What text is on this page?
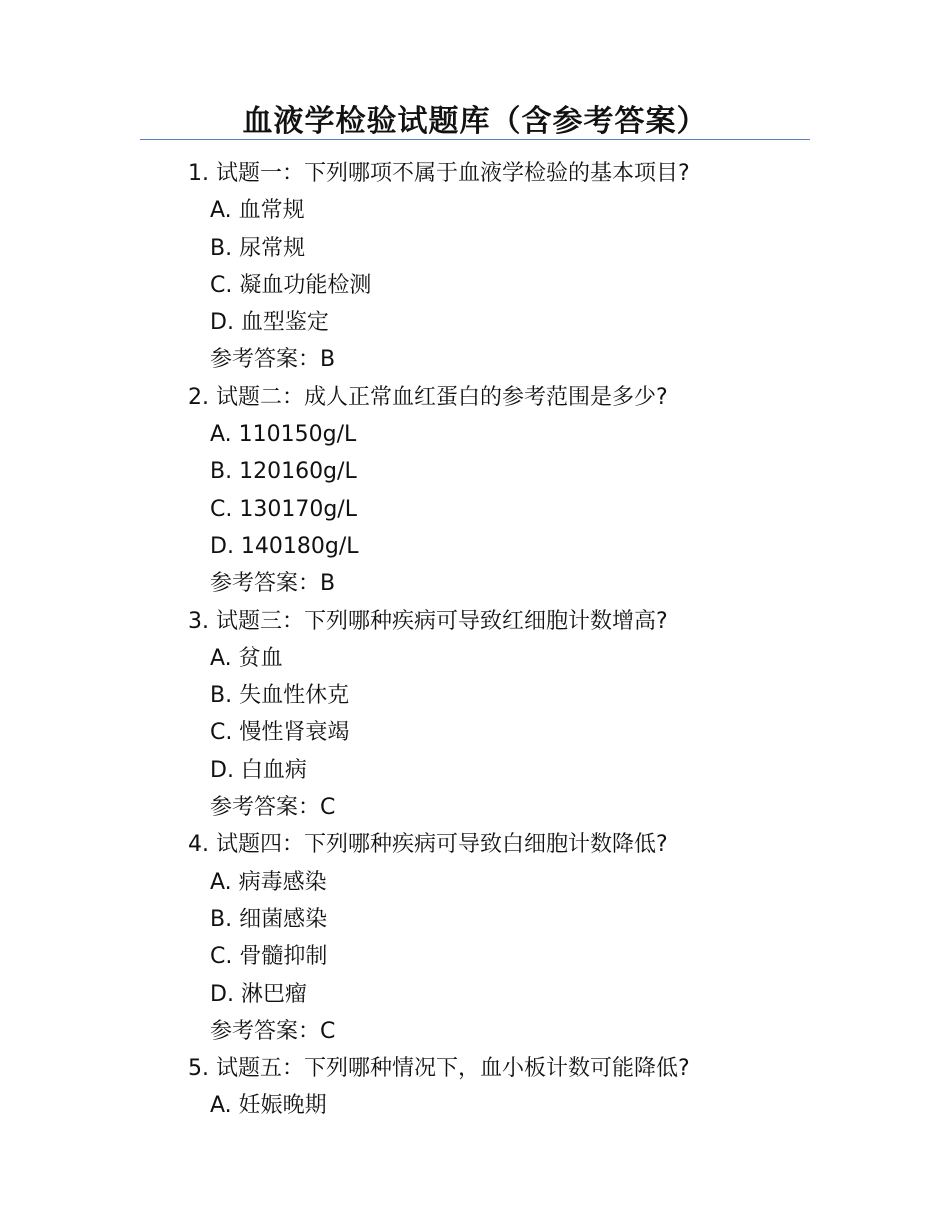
血液学检验试题库（含参考答案）
1. 试题一：下列哪项不属于血液学检验的基本项目?
A. 血常规
B. 尿常规
C. 凝血功能检测
D. 血型鉴定
参考答案：B
2. 试题二：成人正常血红蛋白的参考范围是多少?
A. 110150g/L
B. 120160g/L
C. 130170g/L
D. 140180g/L
参考答案：B
3. 试题三：下列哪种疾病可导致红细胞计数增高?
A. 贫血
B. 失血性休克
C. 慢性肾衰竭
D. 白血病
参考答案：C
4. 试题四：下列哪种疾病可导致白细胞计数降低?
A. 病毒感染
B. 细菌感染
C. 骨髓抑制
D. 淋巴瘤
参考答案：C
5. 试题五：下列哪种情况下，血小板计数可能降低?
A. 妊娠晚期
